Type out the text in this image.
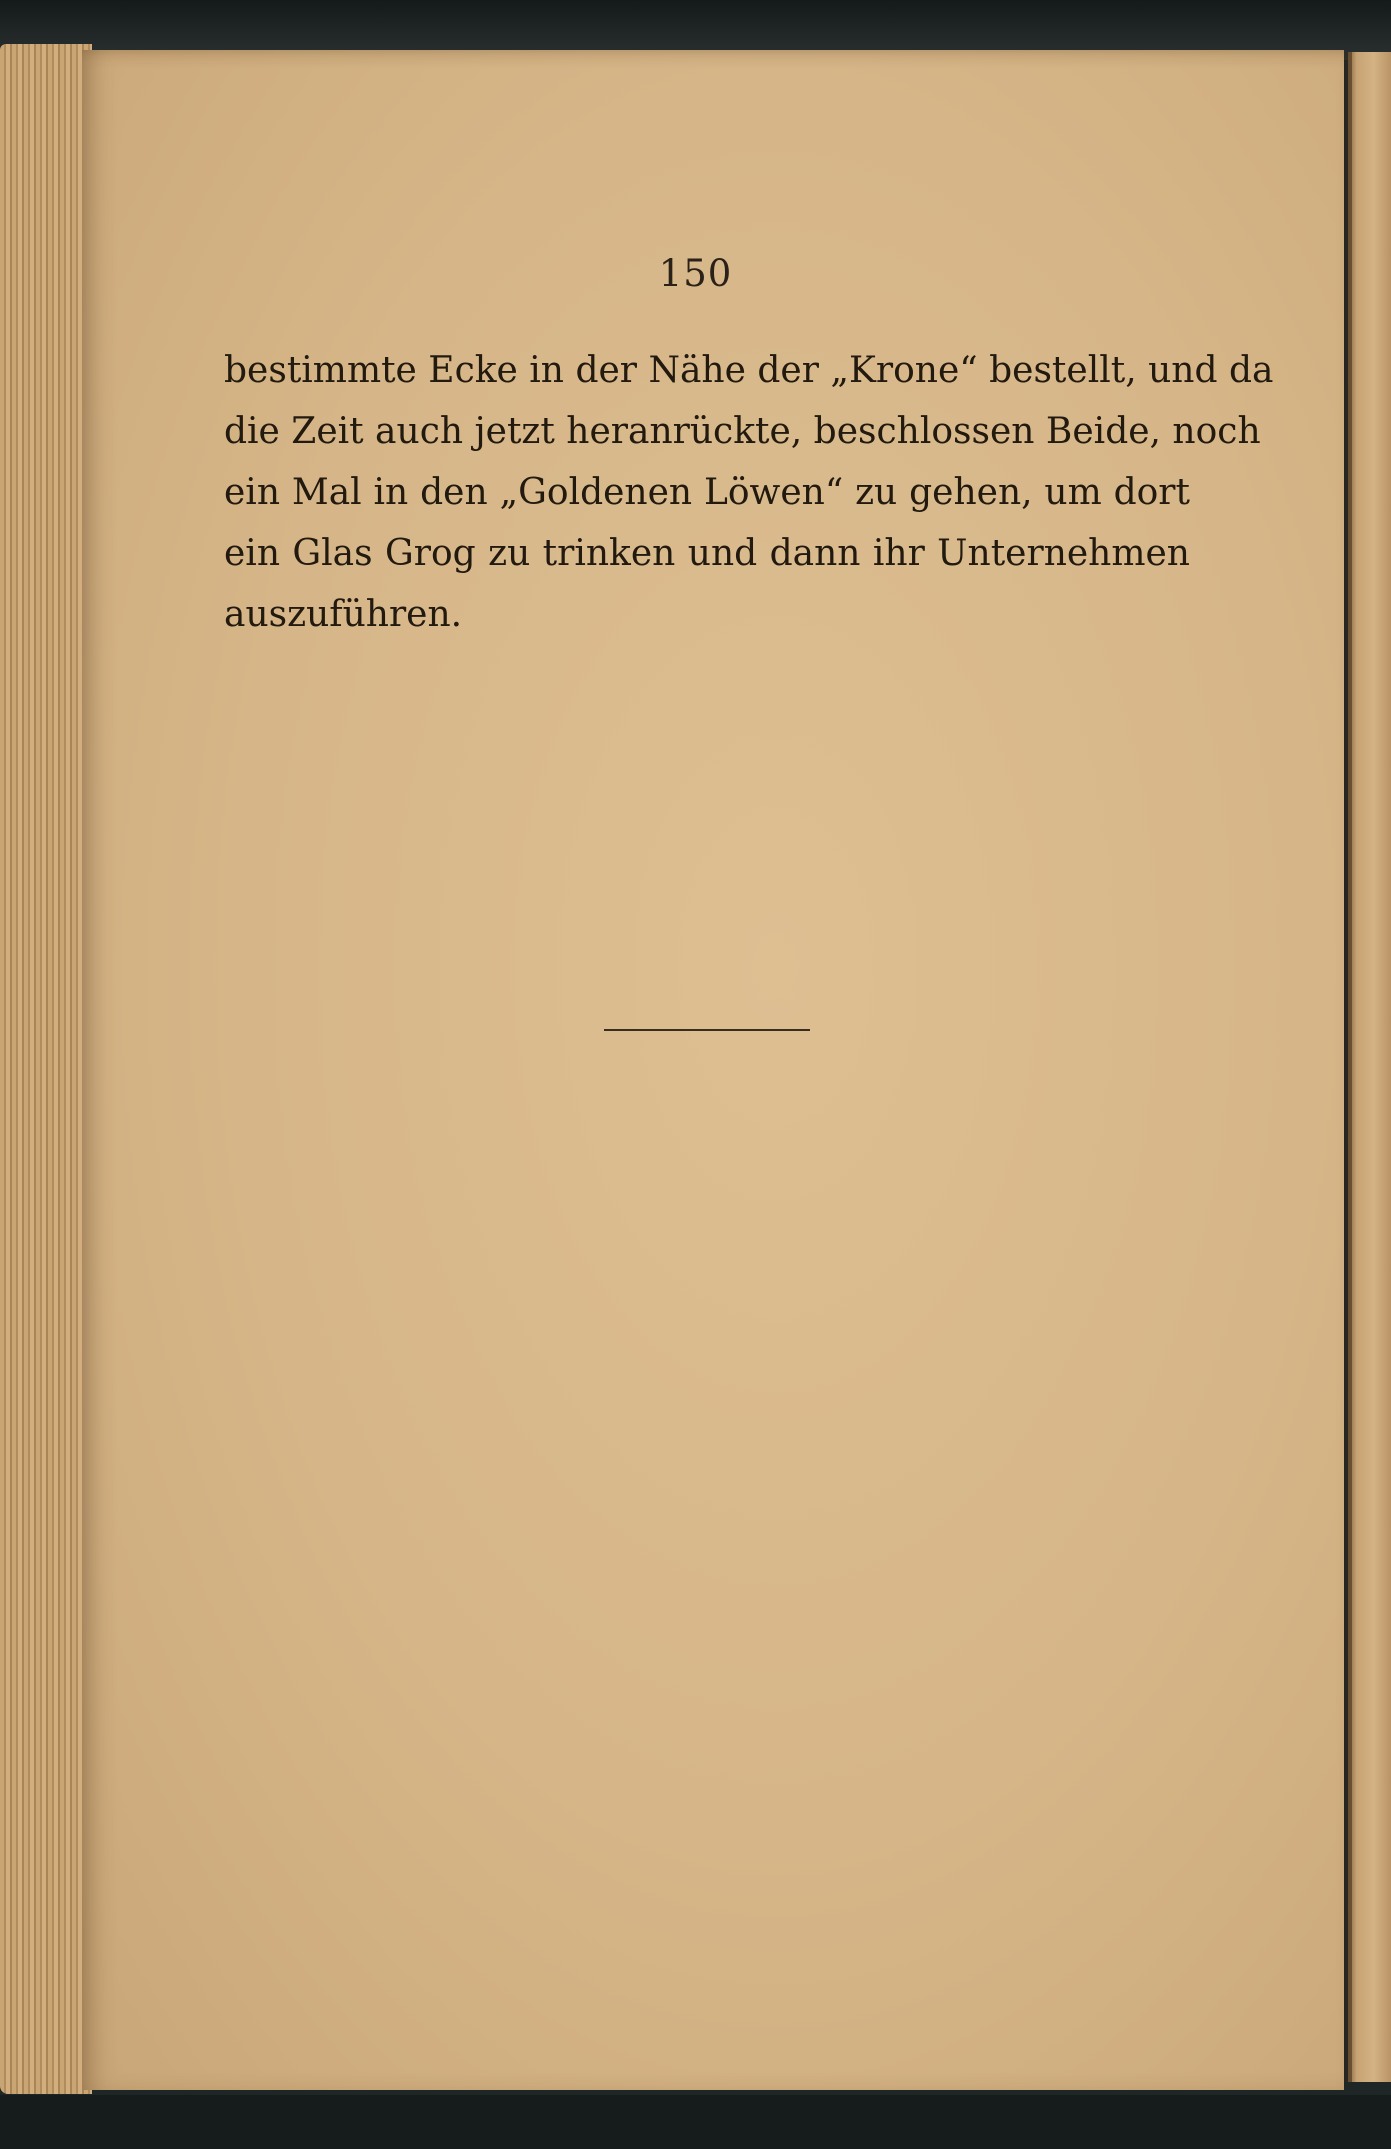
150
bestimmte Ecke in der Nähe der „Krone“ bestellt, und da
die Zeit auch jetzt heranrückte, beschlossen Beide, noch
ein Mal in den „Goldenen Löwen“ zu gehen, um dort
ein Glas Grog zu trinken und dann ihr Unternehmen
auszuführen.
